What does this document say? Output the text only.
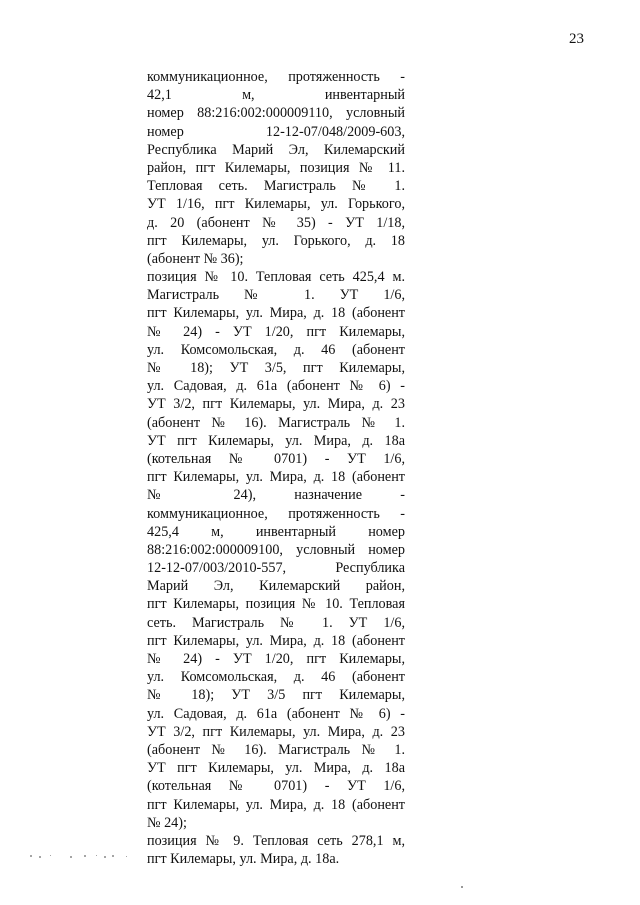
23
коммуникационное, протяженность -
42,1 м, инвентарный
номер 88:216:002:000009110, условный
номер 12-12-07/048/2009-603,
Республика Марий Эл, Килемарский
район, пгт Килемары, позиция № 11.
Тепловая сеть. Магистраль № 1.
УТ 1/16, пгт Килемары, ул. Горького,
д. 20 (абонент № 35) - УТ 1/18,
пгт Килемары, ул. Горького, д. 18
(абонент № 36);
позиция № 10. Тепловая сеть 425,4 м.
Магистраль № 1. УТ 1/6,
пгт Килемары, ул. Мира, д. 18 (абонент
№ 24) - УТ 1/20, пгт Килемары,
ул. Комсомольская, д. 46 (абонент
№ 18); УТ 3/5, пгт Килемары,
ул. Садовая, д. 61а (абонент № 6) -
УТ 3/2, пгт Килемары, ул. Мира, д. 23
(абонент № 16). Магистраль № 1.
УТ пгт Килемары, ул. Мира, д. 18а
(котельная № 0701) - УТ 1/6,
пгт Килемары, ул. Мира, д. 18 (абонент
№ 24), назначение -
коммуникационное, протяженность -
425,4 м, инвентарный номер
88:216:002:000009100, условный номер
12-12-07/003/2010-557, Республика
Марий Эл, Килемарский район,
пгт Килемары, позиция № 10. Тепловая
сеть. Магистраль № 1. УТ 1/6,
пгт Килемары, ул. Мира, д. 18 (абонент
№ 24) - УТ 1/20, пгт Килемары,
ул. Комсомольская, д. 46 (абонент
№ 18); УТ 3/5 пгт Килемары,
ул. Садовая, д. 61а (абонент № 6) -
УТ 3/2, пгт Килемары, ул. Мира, д. 23
(абонент № 16). Магистраль № 1.
УТ пгт Килемары, ул. Мира, д. 18а
(котельная № 0701) - УТ 1/6,
пгт Килемары, ул. Мира, д. 18 (абонент
№ 24);
позиция № 9. Тепловая сеть 278,1 м,
пгт Килемары, ул. Мира, д. 18а.
